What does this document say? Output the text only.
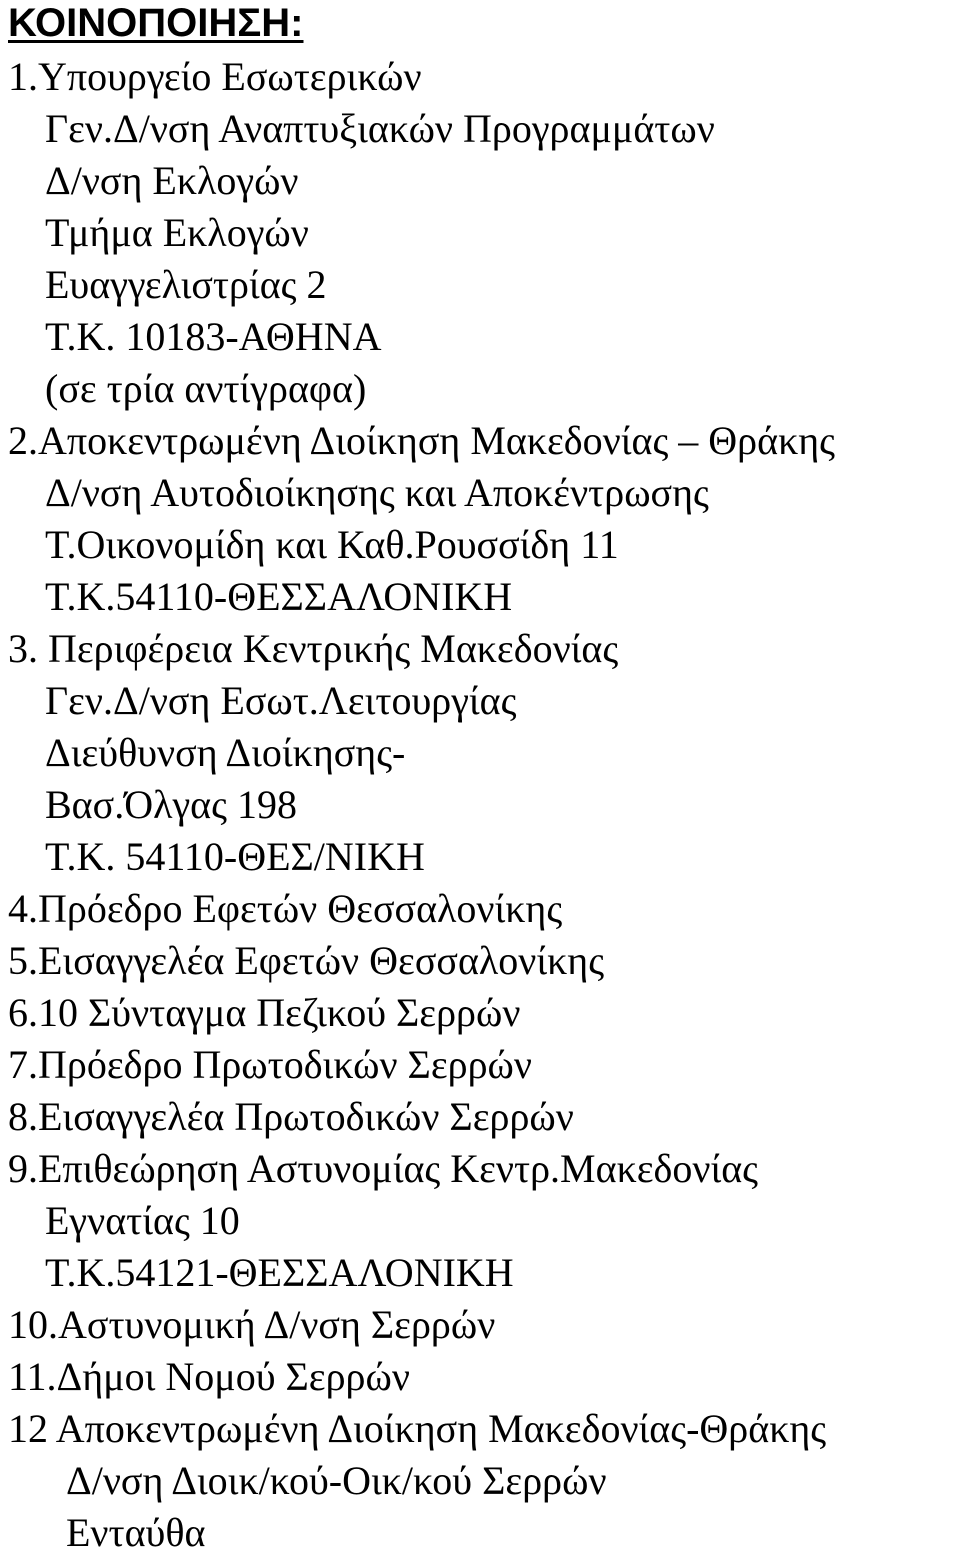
ΚΟΙΝΟΠΟΙΗΣΗ:

1.Υπουργείο Εσωτερικών

Γεν.Δ/νση Αναπτυξιακών Προγραμμάτων

Δ/νση Εκλογών

Τμήμα Εκλογών

Ευαγγελιστρίας 2

Τ.Κ. 10183-ΑΘΗΝΑ

(σε τρία αντίγραφα)

2.Αποκεντρωμένη Διοίκηση Μακεδονίας – Θράκης

Δ/νση Αυτοδιοίκησης και Αποκέντρωσης

Τ.Οικονομίδη και Καθ.Ρουσσίδη 11

Τ.Κ.54110-ΘΕΣΣΑΛΟΝΙΚΗ

3. Περιφέρεια Κεντρικής Μακεδονίας

Γεν.Δ/νση Εσωτ.Λειτουργίας

Διεύθυνση Διοίκησης-

Βασ.Όλγας 198

Τ.Κ. 54110-ΘΕΣ/ΝΙΚΗ

4.Πρόεδρο Εφετών Θεσσαλονίκης

5.Εισαγγελέα Εφετών Θεσσαλονίκης

6.10 Σύνταγμα Πεζικού Σερρών

7.Πρόεδρο Πρωτοδικών Σερρών

8.Εισαγγελέα Πρωτοδικών Σερρών

9.Επιθεώρηση Αστυνομίας Κεντρ.Μακεδονίας

Εγνατίας 10

Τ.Κ.54121-ΘΕΣΣΑΛΟΝΙΚΗ

10.Αστυνομική Δ/νση Σερρών

11.Δήμοι Νομού Σερρών

12 Αποκεντρωμένη Διοίκηση Μακεδονίας-Θράκης

Δ/νση Διοικ/κού-Οικ/κού Σερρών

Ενταύθα
